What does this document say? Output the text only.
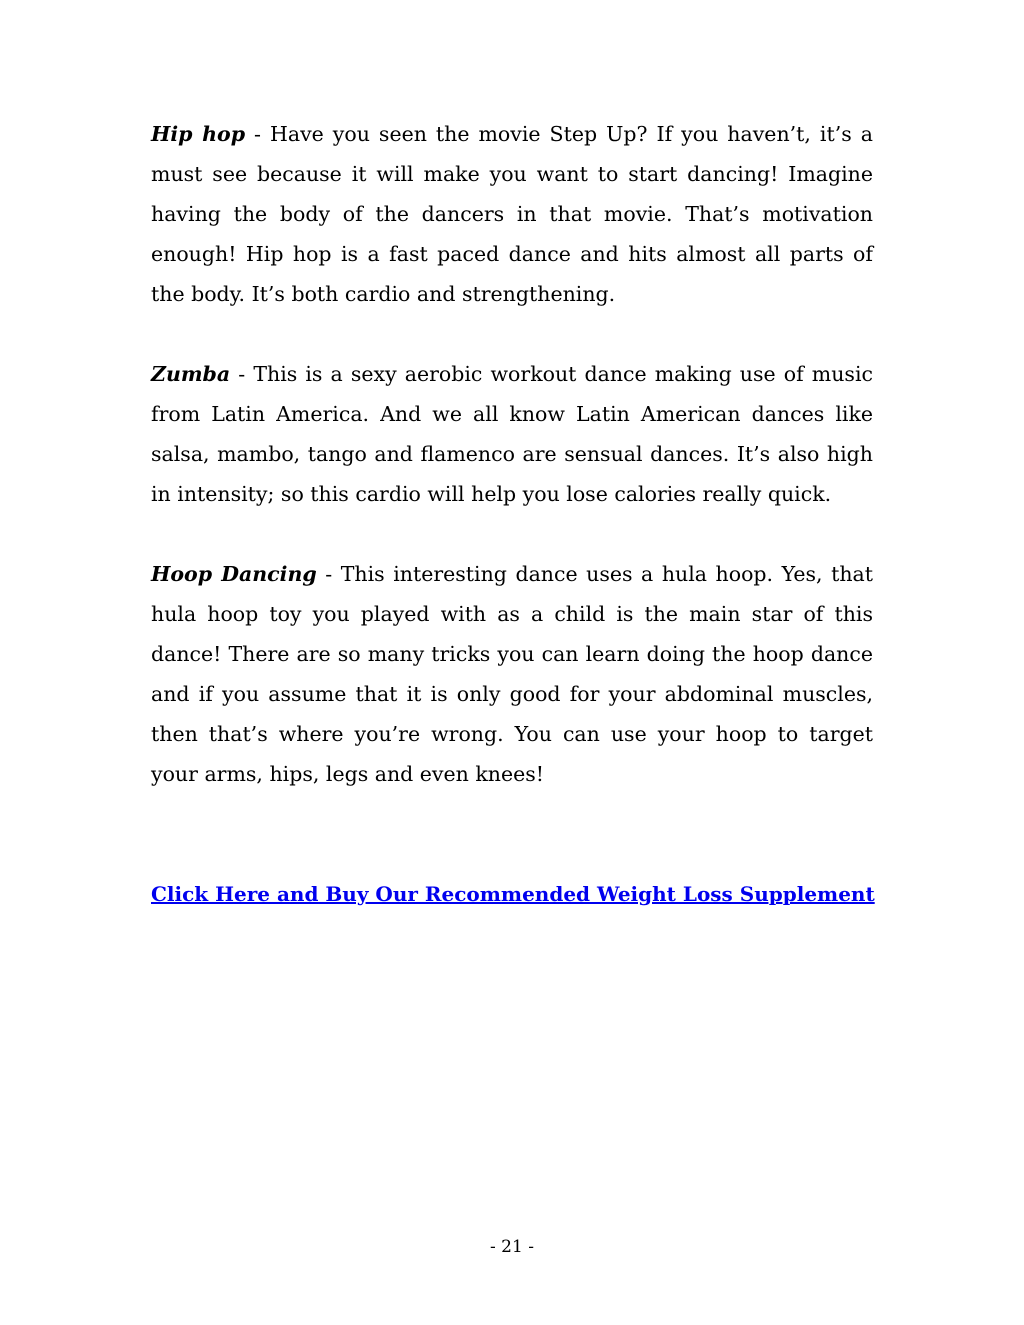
Hip hop - Have you seen the movie Step Up? If you haven’t, it’s a must see because it will make you want to start dancing! Imagine having the body of the dancers in that movie. That’s motivation enough! Hip hop is a fast paced dance and hits almost all parts of the body. It’s both cardio and strengthening.

Zumba - This is a sexy aerobic workout dance making use of music from Latin America. And we all know Latin American dances like salsa, mambo, tango and flamenco are sensual dances. It’s also high in intensity; so this cardio will help you lose calories really quick.

Hoop Dancing - This interesting dance uses a hula hoop. Yes, that hula hoop toy you played with as a child is the main star of this dance! There are so many tricks you can learn doing the hoop dance and if you assume that it is only good for your abdominal muscles, then that’s where you’re wrong. You can use your hoop to target your arms, hips, legs and even knees!

Click Here and Buy Our Recommended Weight Loss Supplement
- 21 -
